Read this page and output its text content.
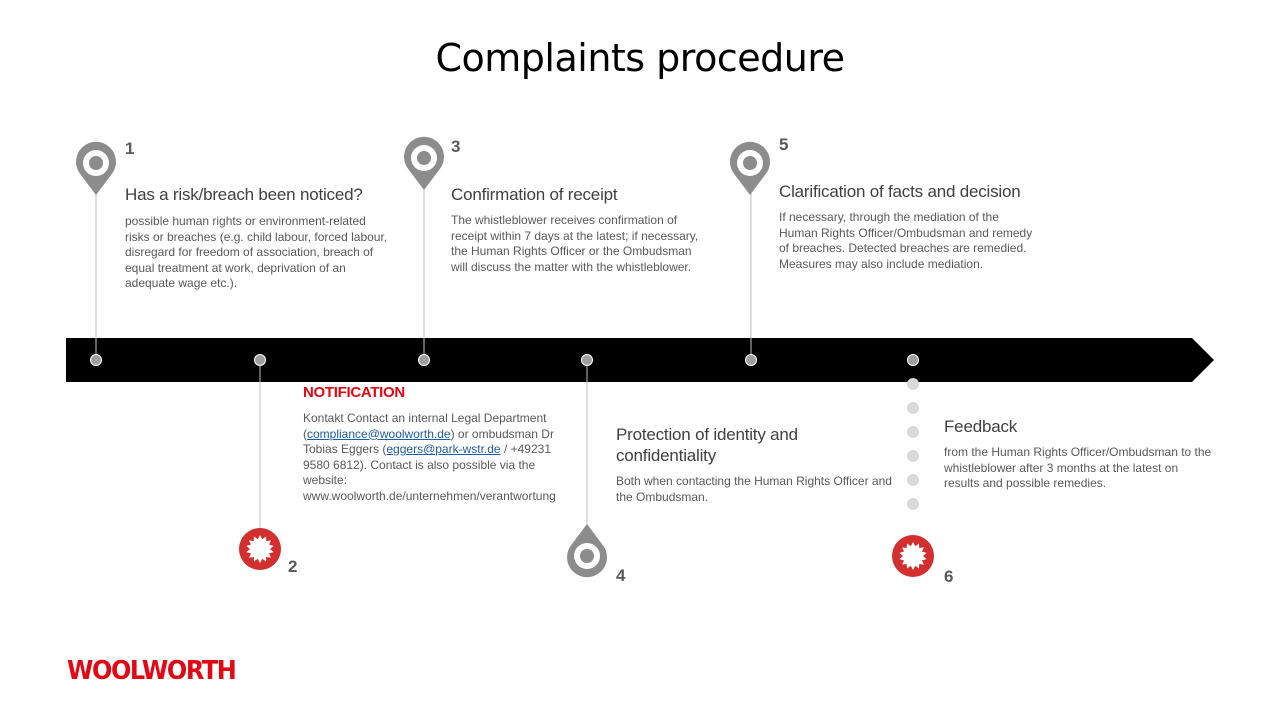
Complaints procedure
1
Has a risk/breach been noticed?
possible human rights or environment-related risks or breaches (e.g. child labour, forced labour, disregard for freedom of association, breach of equal treatment at work, deprivation of an adequate wage etc.).
3
Confirmation of receipt
The whistleblower receives confirmation of receipt within 7 days at the latest; if necessary, the Human Rights Officer or the Ombudsman will discuss the matter with the whistleblower.
5
Clarification of facts and decision
If necessary, through the mediation of the Human Rights Officer/Ombudsman and remedy of breaches. Detected breaches are remedied. Measures may also include mediation.
NOTIFICATION
Kontakt Contact an internal Legal Department (compliance@woolworth.de) or ombudsman Dr Tobias Eggers (eggers@park-wstr.de / +49231 9580 6812). Contact is also possible via the website: www.woolworth.de/unternehmen/verantwortung
2
Protection of identity and confidentiality
Both when contacting the Human Rights Officer and the Ombudsman.
4
Feedback
from the Human Rights Officer/Ombudsman to the whistleblower after 3 months at the latest on results and possible remedies.
6
WOOLWORTH
